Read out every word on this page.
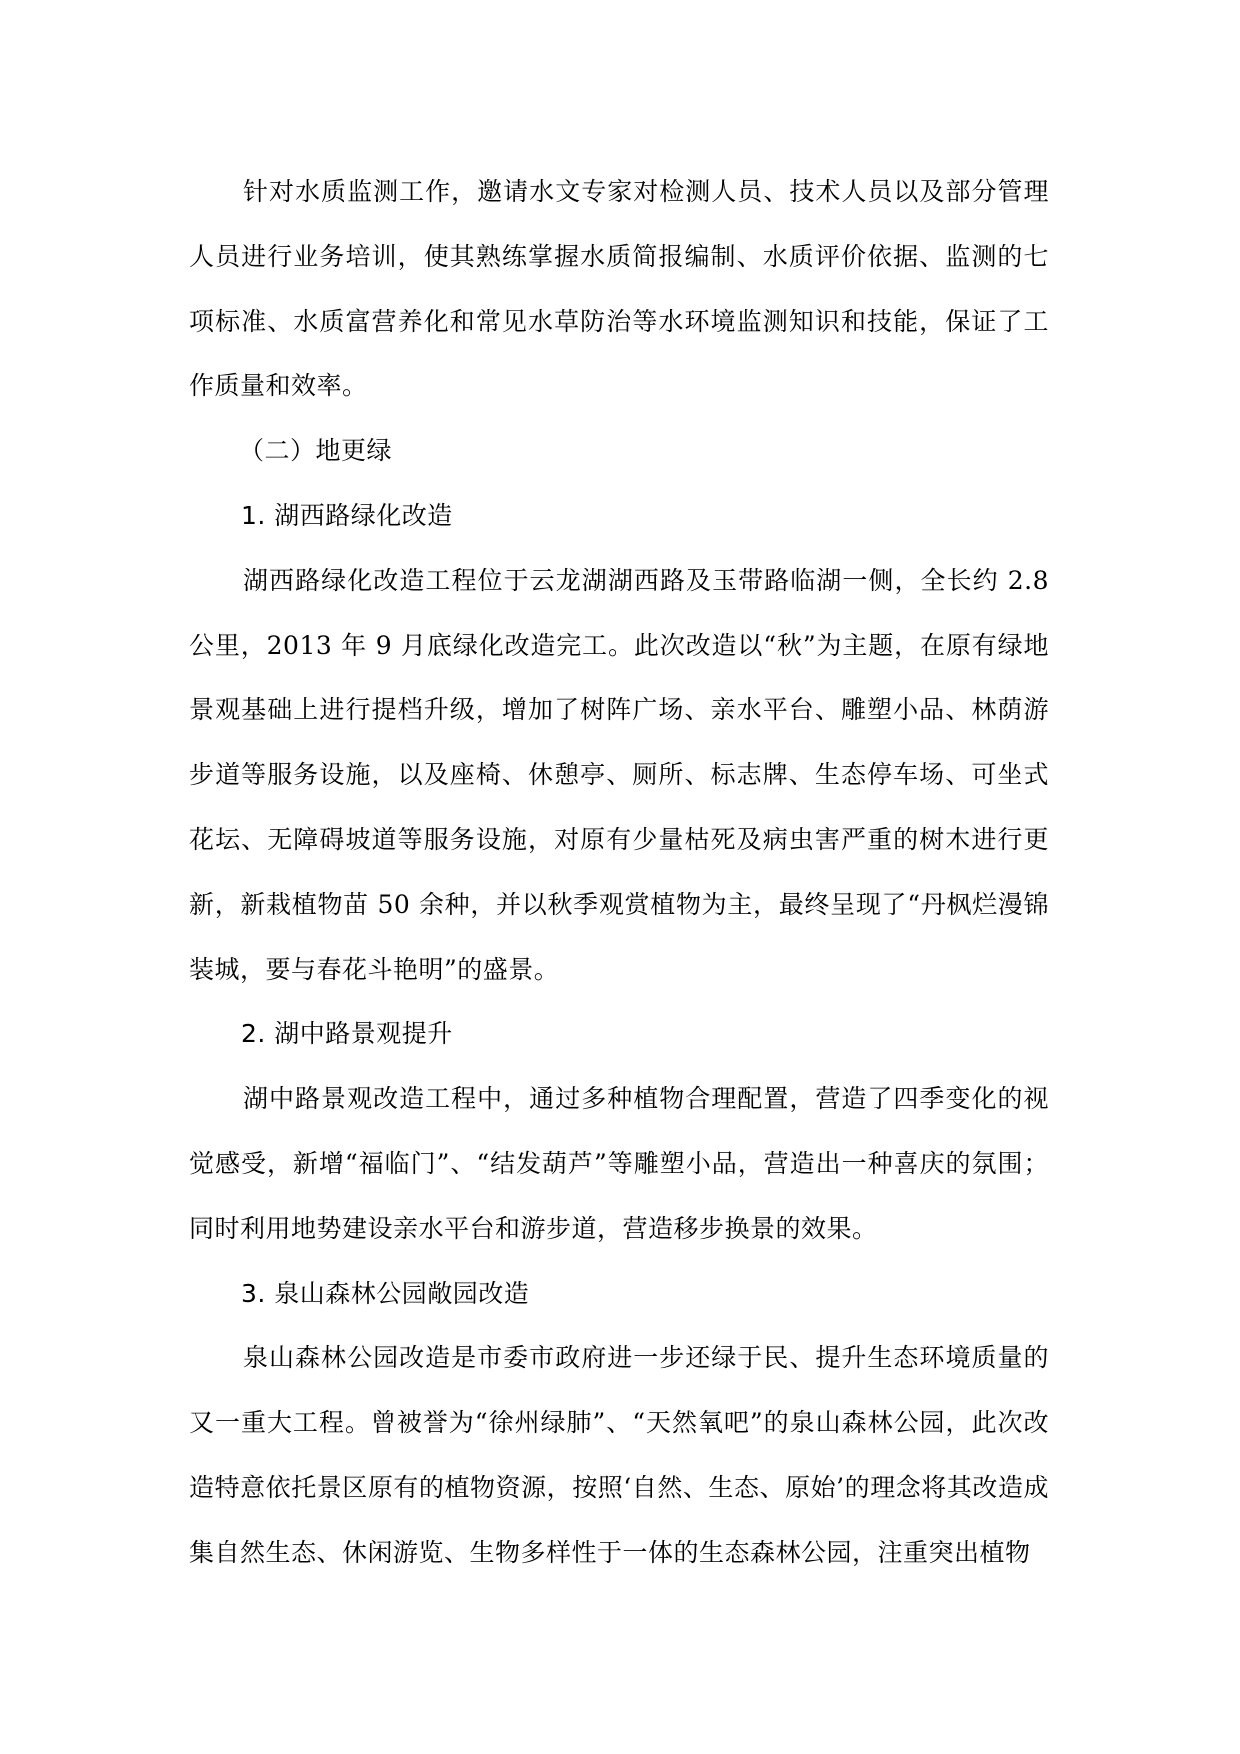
针对水质监测工作，邀请水文专家对检测人员、技术人员以及部分管理人员进行业务培训，使其熟练掌握水质简报编制、水质评价依据、监测的七项标准、水质富营养化和常见水草防治等水环境监测知识和技能，保证了工作质量和效率。

（二）地更绿

1. 湖西路绿化改造

湖西路绿化改造工程位于云龙湖湖西路及玉带路临湖一侧，全长约 2.8 公里，2013 年 9 月底绿化改造完工。此次改造以“秋”为主题，在原有绿地景观基础上进行提档升级，增加了树阵广场、亲水平台、雕塑小品、林荫游步道等服务设施，以及座椅、休憩亭、厕所、标志牌、生态停车场、可坐式花坛、无障碍坡道等服务设施，对原有少量枯死及病虫害严重的树木进行更新，新栽植物苗 50 余种，并以秋季观赏植物为主，最终呈现了“丹枫烂漫锦装城，要与春花斗艳明”的盛景。

2. 湖中路景观提升

湖中路景观改造工程中，通过多种植物合理配置，营造了四季变化的视觉感受，新增“福临门”、“结发葫芦”等雕塑小品，营造出一种喜庆的氛围；同时利用地势建设亲水平台和游步道，营造移步换景的效果。

3. 泉山森林公园敞园改造

泉山森林公园改造是市委市政府进一步还绿于民、提升生态环境质量的又一重大工程。曾被誉为“徐州绿肺”、“天然氧吧”的泉山森林公园，此次改造特意依托景区原有的植物资源，按照‘自然、生态、原始’的理念将其改造成集自然生态、休闲游览、生物多样性于一体的生态森林公园，注重突出植物
